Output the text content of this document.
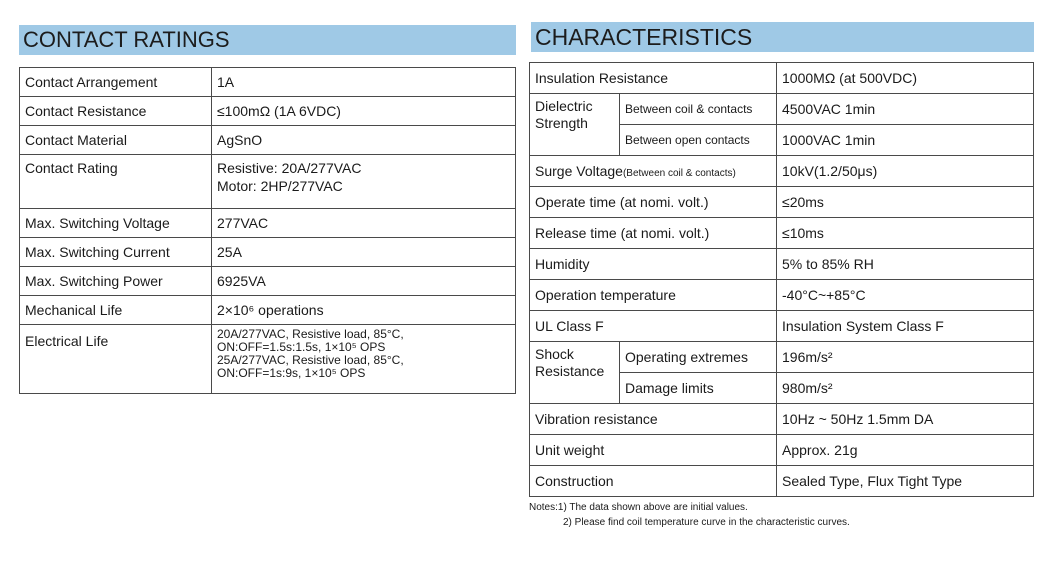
CONTACT RATINGS
Contact Arrangement	1A
Contact Resistance	≤100mΩ (1A 6VDC)
Contact Material	AgSnO
Contact Rating	Resistive: 20A/277VAC
Motor: 2HP/277VAC

Max. Switching Voltage	277VAC
Max. Switching Current	25A
Max. Switching Power	6925VA
Mechanical Life	2×10⁶ operations
Electrical Life	20A/277VAC, Resistive load, 85°C,
ON:OFF=1.5s:1.5s, 1×10⁵ OPS
25A/277VAC, Resistive load, 85°C,
ON:OFF=1s:9s, 1×10⁵ OPS
CHARACTERISTICS
Insulation Resistance		1000MΩ (at 500VDC)
Dielectric Strength	Between coil & contacts	4500VAC 1min
	Between open contacts	1000VAC 1min
Surge Voltage(Between coil & contacts)		10kV(1.2/50μs)
Operate time (at nomi. volt.)		≤20ms
Release time (at nomi. volt.)		≤10ms
Humidity		5% to 85% RH
Operation temperature		-40°C~+85°C
UL Class F		Insulation System Class F
Shock Resistance	Operating extremes	196m/s²
	Damage limits	980m/s²
Vibration resistance		10Hz ~ 50Hz 1.5mm DA
Unit weight		Approx. 21g
Construction		Sealed Type, Flux Tight Type
Notes:1) The data shown above are initial values.
2) Please find coil temperature curve in the characteristic curves.
